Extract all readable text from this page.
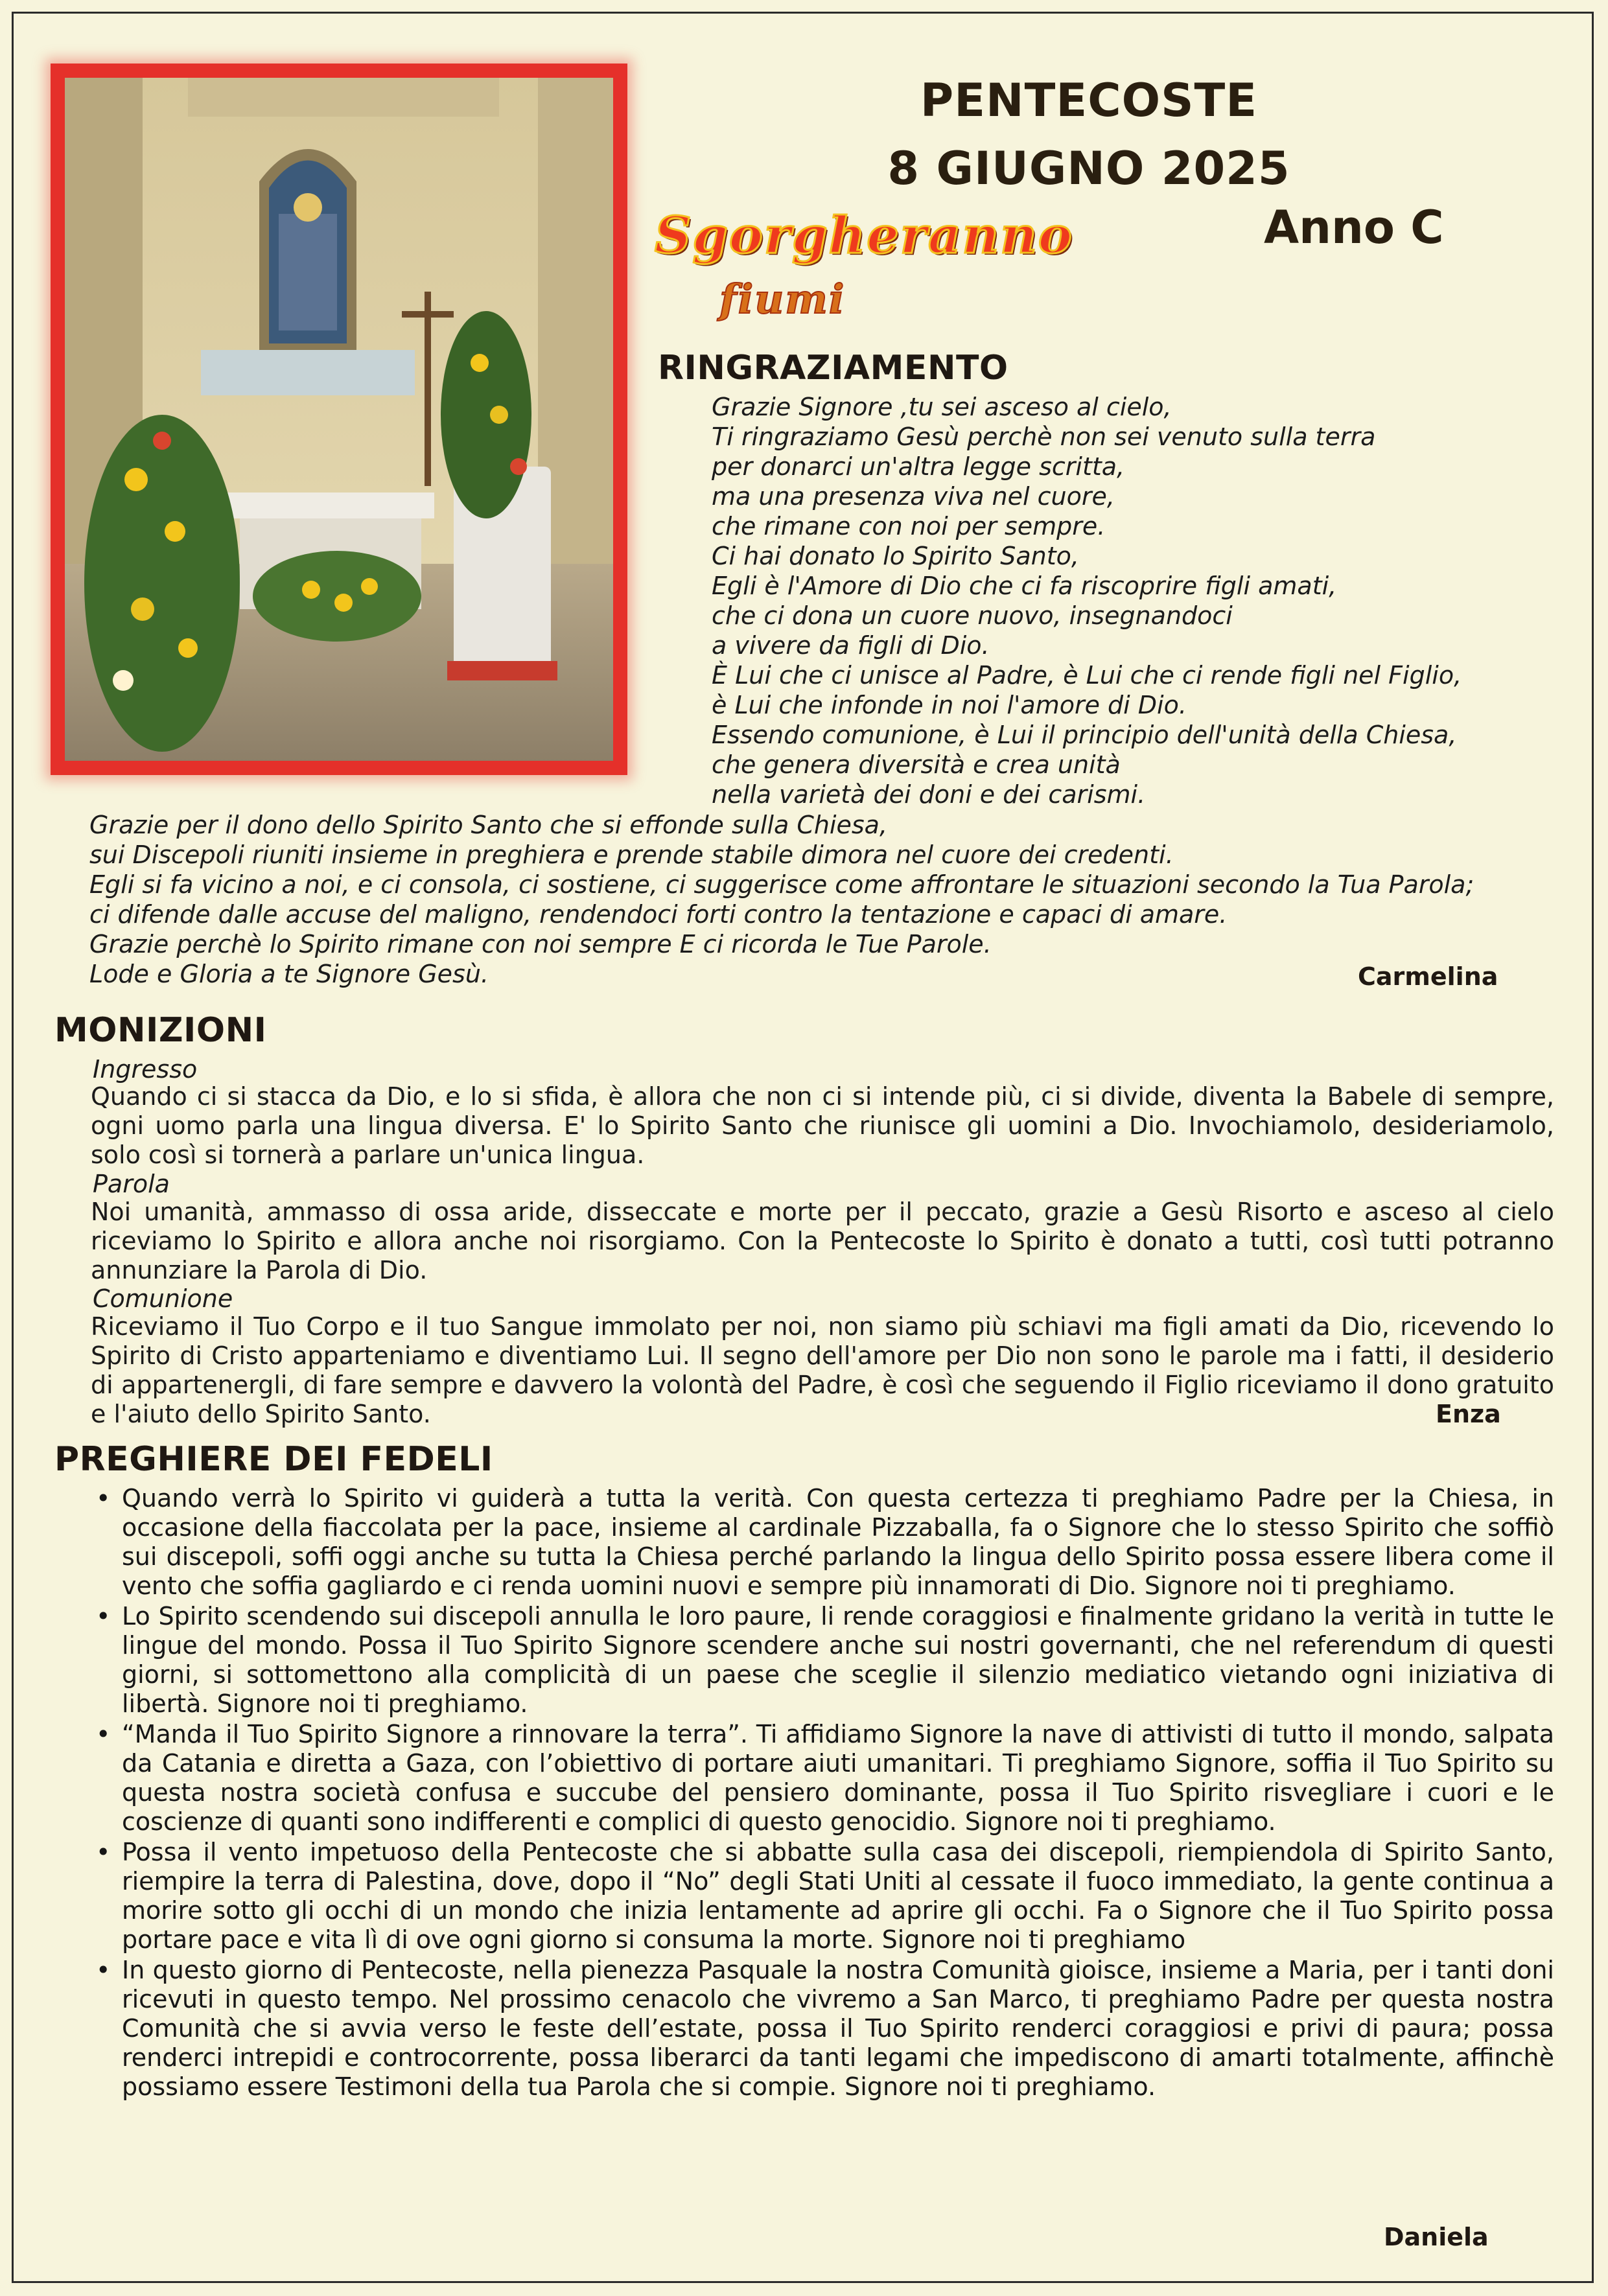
PENTECOSTE
8 GIUGNO 2025
Anno C
Sgorgheranno
fiumi
RINGRAZIAMENTO
Grazie Signore ,tu sei asceso al cielo,
Ti ringraziamo Gesù perchè non sei venuto sulla terra
per donarci un'altra legge scritta,
ma una presenza viva nel cuore,
che rimane con noi per sempre.
Ci hai donato lo Spirito Santo,
Egli è l'Amore di Dio che ci fa riscoprire figli amati,
che ci dona un cuore nuovo, insegnandoci
a vivere da figli di Dio.
È Lui che ci unisce al Padre, è Lui che ci rende figli nel Figlio,
è Lui che infonde in noi l'amore di Dio.
Essendo comunione, è Lui il principio dell'unità della Chiesa,
che genera diversità e crea unità
nella varietà dei doni e dei carismi.
Grazie per il dono dello Spirito Santo che si effonde sulla Chiesa,
sui Discepoli riuniti insieme in preghiera e prende stabile dimora nel cuore dei credenti.
Egli si fa vicino a noi, e ci consola, ci sostiene, ci suggerisce come affrontare le situazioni secondo la Tua Parola;
ci difende dalle accuse del maligno, rendendoci forti contro la tentazione e capaci di amare.
Grazie perchè lo Spirito rimane con noi sempre E ci ricorda le Tue Parole.
Lode e Gloria a te Signore Gesù.	Carmelina
MONIZIONI
Ingresso
Quando ci si stacca da Dio, e lo si sfida, è allora che non ci si intende più, ci si divide, diventa la Babele di sempre, ogni uomo parla una lingua diversa. E' lo Spirito Santo che riunisce gli uomini a Dio. Invochiamolo, desideriamolo, solo così si tornerà a parlare un'unica lingua.
Parola
Noi umanità, ammasso di ossa aride, disseccate e morte per il peccato, grazie a Gesù Risorto e asceso al cielo riceviamo lo Spirito e allora anche noi risorgiamo. Con la Pentecoste lo Spirito è donato a tutti, così tutti potranno annunziare la Parola di Dio.
Comunione
Riceviamo il Tuo Corpo e il tuo Sangue immolato per noi, non siamo più schiavi ma figli amati da Dio, ricevendo lo Spirito di Cristo apparteniamo e diventiamo Lui. Il segno dell'amore per Dio non sono le parole ma i fatti, il desiderio di appartenergli, di fare sempre e davvero la volontà del Padre, è così che seguendo il Figlio riceviamo il dono gratuito e l'aiuto dello Spirito Santo.	Enza
PREGHIERE DEI FEDELI
• Quando verrà lo Spirito vi guiderà a tutta la verità. Con questa certezza ti preghiamo Padre per la Chiesa, in occasione della fiaccolata per la pace, insieme al cardinale Pizzaballa, fa o Signore che lo stesso Spirito che soffiò sui discepoli, soffi oggi anche su tutta la Chiesa perché parlando la lingua dello Spirito possa essere libera come il vento che soffia gagliardo e ci renda uomini nuovi e sempre più innamorati di Dio. Signore noi ti preghiamo.
• Lo Spirito scendendo sui discepoli annulla le loro paure, li rende coraggiosi e finalmente gridano la verità in tutte le lingue del mondo. Possa il Tuo Spirito Signore scendere anche sui nostri governanti, che nel referendum di questi giorni, si sottomettono alla complicità di un paese che sceglie il silenzio mediatico vietando ogni iniziativa di libertà. Signore noi ti preghiamo.
• “Manda il Tuo Spirito Signore a rinnovare la terra”. Ti affidiamo Signore la nave di attivisti di tutto il mondo, salpata da Catania e diretta a Gaza, con l’obiettivo di portare aiuti umanitari. Ti preghiamo Signore, soffia il Tuo Spirito su questa nostra società confusa e succube del pensiero dominante, possa il Tuo Spirito risvegliare i cuori e le coscienze di quanti sono indifferenti e complici di questo genocidio. Signore noi ti preghiamo.
• Possa il vento impetuoso della Pentecoste che si abbatte sulla casa dei discepoli, riempiendola di Spirito Santo, riempire la terra di Palestina, dove, dopo il “No” degli Stati Uniti al cessate il fuoco immediato, la gente continua a morire sotto gli occhi di un mondo che inizia lentamente ad aprire gli occhi. Fa o Signore che il Tuo Spirito possa portare pace e vita lì di ove ogni giorno si consuma la morte. Signore noi ti preghiamo
• In questo giorno di Pentecoste, nella pienezza Pasquale la nostra Comunità gioisce, insieme a Maria, per i tanti doni ricevuti in questo tempo. Nel prossimo cenacolo che vivremo a San Marco, ti preghiamo Padre per questa nostra Comunità che si avvia verso le feste dell’estate, possa il Tuo Spirito renderci coraggiosi e privi di paura; possa renderci intrepidi e controcorrente, possa liberarci da tanti legami che impediscono di amarti totalmente, affinchè possiamo essere Testimoni della tua Parola che si compie. Signore noi ti preghiamo.
Daniela
